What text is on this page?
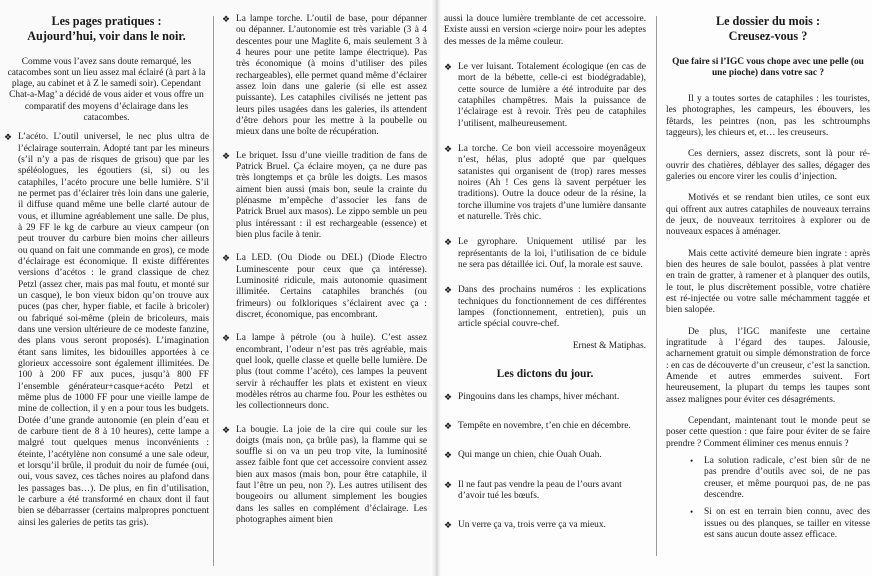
Les pages pratiques :
Aujourd’hui, voir dans le noir.
Comme vous l’avez sans doute remarqué, les catacombes sont un lieu assez mal éclairé (à part à la plage, au cabinet et à Z le samedi soir). Cependant Chat-a-Mag’ a décidé de vous aider et vous offre un comparatif des moyens d’éclairage dans les catacombes.
❖ L’acéto. L’outil universel, le nec plus ultra de l’éclairage souterrain. Adopté tant par les mineurs (s’il n’y a pas de risques de grisou) que par les spéléologues, les égoutiers (si, si) ou les cataphiles, l’acéto procure une belle lumière. S’il ne permet pas d’éclairer très loin dans une galerie, il diffuse quand même une belle clarté autour de vous, et illumine agréablement une salle. De plus, à 29 FF le kg de carbure au vieux campeur (on peut trouver du carbure bien moins cher ailleurs ou quand on fait une commande en gros), ce mode d’éclairage est économique. Il existe différentes versions d’acétos : le grand classique de chez Petzl (assez cher, mais pas mal foutu, et monté sur un casque), le bon vieux bidon qu’on trouve aux puces (pas cher, hyper fiable, et facile à bricoler) ou fabriqué soi-même (plein de bricoleurs, mais dans une version ultérieure de ce modeste fanzine, des plans vous seront proposés). L’imagination étant sans limites, les bidouilles apportées à ce glorieux accessoire sont également illimitées. De 100 à 200 FF aux puces, jusqu’à 800 FF l’ensemble générateur+casque+acéto Petzl et même plus de 1000 FF pour une vieille lampe de mine de collection, il y en a pour tous les budgets. Dotée d’une grande autonomie (en plein d’eau et de carbure tient de 8 à 10 heures), cette lampe a malgré tout quelques menus inconvénients : éteinte, l’acétylène non consumé a une sale odeur, et lorsqu’il brûle, il produit du noir de fumée (oui, oui, vous savez, ces tâches noires au plafond dans les passages bas…). De plus, en fin d’utilisation, le carbure a été transformé en chaux dont il faut bien se débarrasser (certains malpropres ponctuent ainsi les galeries de petits tas gris).
❖ La lampe torche. L’outil de base, pour dépanner ou dépanner. L’autonomie est très variable (3 à 4 descentes pour une Maglite 6, mais seulement 3 à 4 heures pour une petite lampe électrique). Pas très économique (à moins d’utiliser des piles rechargeables), elle permet quand même d’éclairer assez loin dans une galerie (si elle est assez puissante). Les cataphiles civilisés ne jettent pas leurs piles usagées dans les galeries, ils attendent d’être dehors pour les mettre à la poubelle ou mieux dans une boîte de récupération.
❖ Le briquet. Issu d’une vieille tradition de fans de Patrick Bruel. Ça éclaire moyen, ça ne dure pas très longtemps et ça brûle les doigts. Les masos aiment bien aussi (mais bon, seule la crainte du plénasme m’empêche d’associer les fans de Patrick Bruel aux masos). Le zippo semble un peu plus intéressant : il est rechargeable (essence) et bien plus facile à tenir.
❖ La LED. (Ou Diode ou DEL) (Diode Electro Luminescente pour ceux que ça intéresse). Luminosité ridicule, mais autonomie quasiment illimitée. Certains cataphiles branchés (ou frimeurs) ou folkloriques s’éclairent avec ça : discret, économique, pas encombrant.
❖ La lampe à pétrole (ou à huile). C’est assez encombrant, l’odeur n’est pas très agréable, mais quel look, quelle classe et quelle belle lumière. De plus (tout comme l’acéto), ces lampes la peuvent servir à réchauffer les plats et existent en vieux modèles rétros au charme fou. Pour les esthètes ou les collectionneurs donc.
❖ La bougie. La joie de la cire qui coule sur les doigts (mais non, ça brûle pas), la flamme qui se souffle si on va un peu trop vite, la luminosité assez faible font que cet accessoire convient assez bien aux masos (mais bon, pour être cataphile, il faut l’être un peu, non ?). Les autres utilisent des bougeoirs ou allument simplement les bougies dans les salles en complément d’éclairage. Les photographes aiment bien
aussi la douce lumière tremblante de cet accessoire. Existe aussi en version «cierge noir» pour les adeptes des messes de la même couleur.
❖ Le ver luisant. Totalement écologique (en cas de mort de la bébette, celle-ci est biodégradable), cette source de lumière a été introduite par des cataphiles champêtres. Mais la puissance de l’éclairage est à revoir. Très peu de cataphiles l’utilisent, malheureusement.
❖ La torche. Ce bon vieil accessoire moyenâgeux n’est, hélas, plus adopté que par quelques satanistes qui organisent de (trop) rares messes noires (Ah ! Ces gens là savent perpétuer les traditions). Outre la douce odeur de la résine, la torche illumine vos trajets d’une lumière dansante et naturelle. Très chic.
❖ Le gyrophare. Uniquement utilisé par les représentants de la loi, l’utilisation de ce bidule ne sera pas détaillée ici. Ouf, la morale est sauve.
❖ Dans des prochains numéros : les explications techniques du fonctionnement de ces différentes lampes (fonctionnement, entretien), puis un article spécial couvre-chef.
Ernest & Matiphas.
Les dictons du jour.
❖ Pingouins dans les champs, hiver méchant.
❖ Tempête en novembre, t’en chie en décembre.
❖ Qui mange un chien, chie Ouah Ouah.
❖ Il ne faut pas vendre la peau de l’ours avant d’avoir tué les bœufs.
❖ Un verre ça va, trois verre ça va mieux.
Le dossier du mois :
Creusez-vous ?
Que faire si l’IGC vous chope avec une pelle (ou une pioche) dans votre sac ?

Il y a toutes sortes de cataphiles : les touristes, les photographes, les campeurs, les ébouvers, les fêtards, les peintres (non, pas les schtroumphs taggeurs), les chieurs et, et… les creuseurs.

Ces derniers, assez discrets, sont là pour ré-ouvrir des chatières, déblayer des salles, dégager des galeries ou encore virer les coulis d’injection.

Motivés et se rendant bien utiles, ce sont eux qui offrent aux autres cataphiles de nouveaux terrains de jeux, de nouveaux territoires à explorer ou de nouveaux espaces à aménager.

Mais cette activité demeure bien ingrate : après bien des heures de sale boulot, passées à plat ventre en train de gratter, à ramener et à planquer des outils, le tout, le plus discrètement possible, votre chatière est ré-injectée ou votre salle méchamment taggée et bien salopée.

De plus, l’IGC manifeste une certaine ingratitude à l’égard des taupes. Jalousie, acharnement gratuit ou simple démonstration de force : en cas de découverte d’un creuseur, c’est la sanction. Amende et autres emmerdes suivent. Fort heureusement, la plupart du temps les taupes sont assez malignes pour éviter ces désagréments.

Cependant, maintenant tout le monde peut se poser cette question : que faire pour éviter de se faire prendre ? Comment éliminer ces menus ennuis ?

• La solution radicale, c’est bien sûr de ne pas prendre d’outils avec soi, de ne pas creuser, et même pourquoi pas, de ne pas descendre.
• Si on est en terrain bien connu, avec des issues ou des planques, se tailler en vitesse est sans aucun doute assez efficace.
